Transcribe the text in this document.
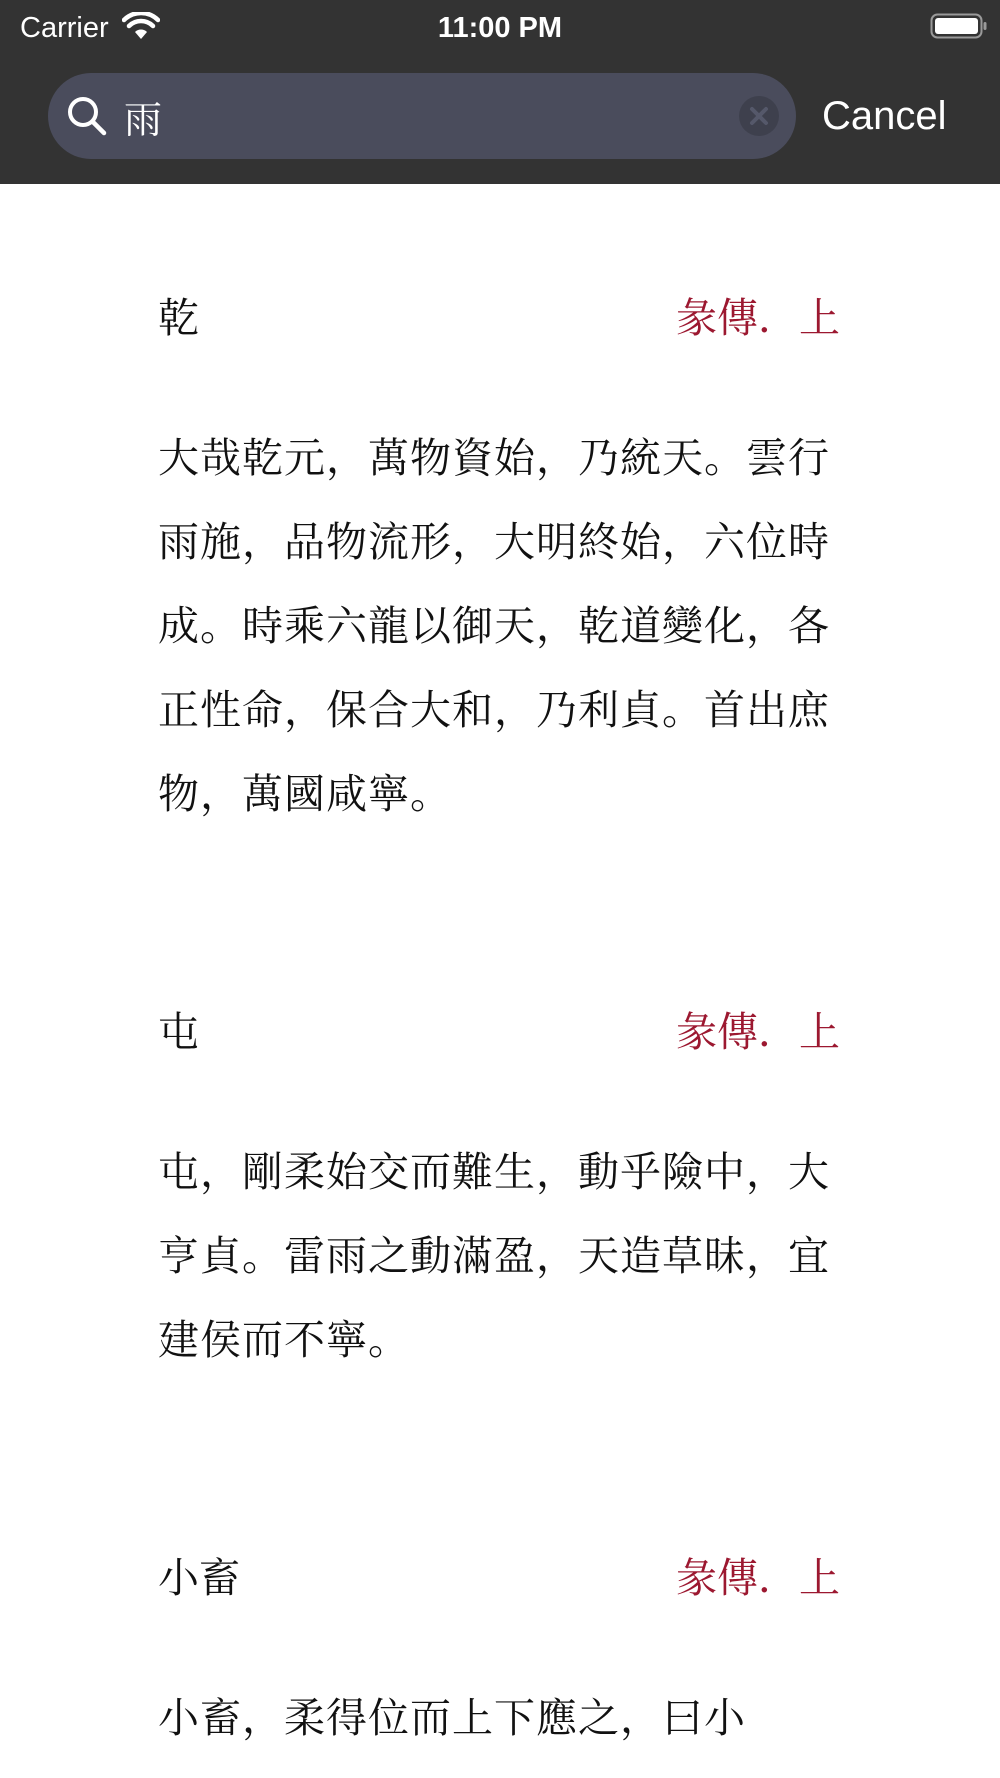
Carrier	11:00 PM
雨
Cancel
乾	彖傳．上
大哉乾元，萬物資始，乃統天。雲行雨施，品物流形，大明終始，六位時成。時乘六龍以御天，乾道變化，各正性命，保合大和，乃利貞。首出庶物，萬國咸寧。
屯	彖傳．上
屯，剛柔始交而難生，動乎險中，大亨貞。雷雨之動滿盈，天造草昧，宜建侯而不寧。
小畜	彖傳．上
小畜，柔得位而上下應之，曰小
